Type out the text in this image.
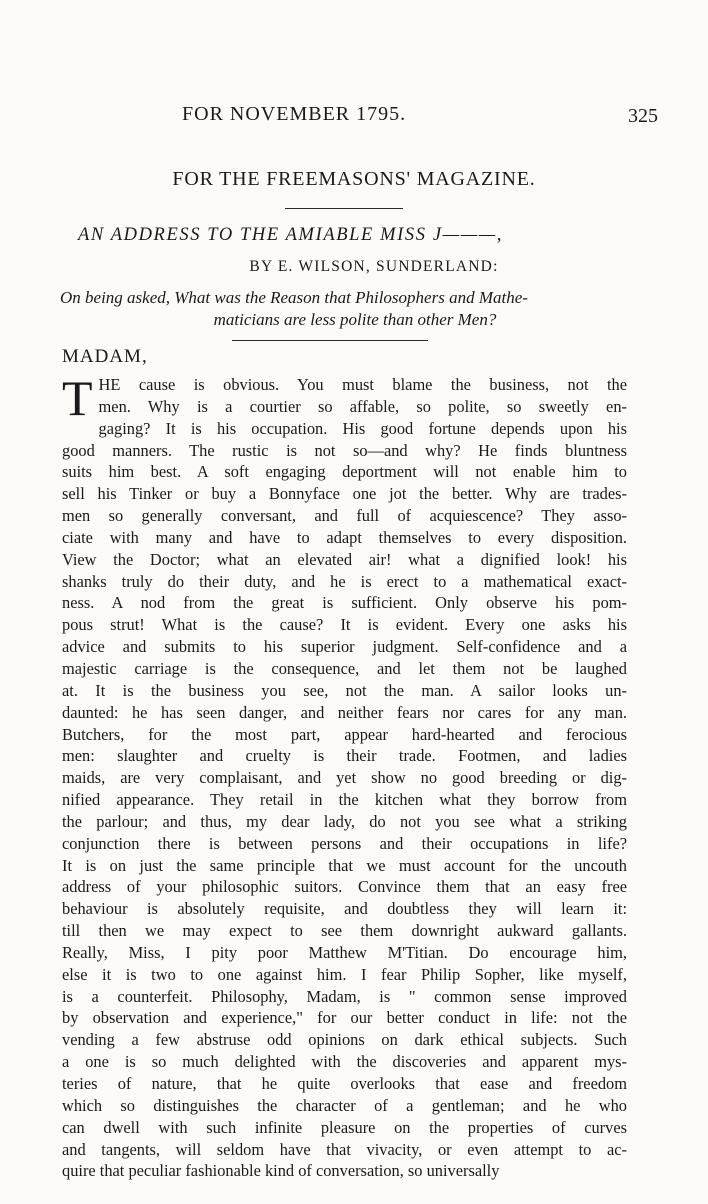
FOR NOVEMBER 1795.	325
FOR THE FREEMASONS' MAGAZINE.
AN ADDRESS TO THE AMIABLE MISS J———,
BY E. WILSON, SUNDERLAND:
On being asked, What was the Reason that Philosophers and Mathe-
maticians are less polite than other Men?
MADAM,
T HE cause is obvious. You must blame the business, not the
men. Why is a courtier so affable, so polite, so sweetly en-
gaging? It is his occupation. His good fortune depends upon his
good manners. The rustic is not so—and why? He finds bluntness
suits him best. A soft engaging deportment will not enable him to
sell his Tinker or buy a Bonnyface one jot the better. Why are trades-
men so generally conversant, and full of acquiescence? They asso-
ciate with many and have to adapt themselves to every disposition.
View the Doctor; what an elevated air! what a dignified look! his
shanks truly do their duty, and he is erect to a mathematical exact-
ness. A nod from the great is sufficient. Only observe his pom-
pous strut! What is the cause? It is evident. Every one asks his
advice and submits to his superior judgment. Self-confidence and a
majestic carriage is the consequence, and let them not be laughed
at. It is the business you see, not the man. A sailor looks un-
daunted: he has seen danger, and neither fears nor cares for any man.
Butchers, for the most part, appear hard-hearted and ferocious
men: slaughter and cruelty is their trade. Footmen, and ladies
maids, are very complaisant, and yet show no good breeding or dig-
nified appearance. They retail in the kitchen what they borrow from
the parlour; and thus, my dear lady, do not you see what a striking
conjunction there is between persons and their occupations in life?
It is on just the same principle that we must account for the uncouth
address of your philosophic suitors. Convince them that an easy free
behaviour is absolutely requisite, and doubtless they will learn it:
till then we may expect to see them downright aukward gallants.
Really, Miss, I pity poor Matthew M'Titian. Do encourage him,
else it is two to one against him. I fear Philip Sopher, like myself,
is a counterfeit. Philosophy, Madam, is " common sense improved
by observation and experience," for our better conduct in life: not the
vending a few abstruse odd opinions on dark ethical subjects. Such
a one is so much delighted with the discoveries and apparent mys-
teries of nature, that he quite overlooks that ease and freedom
which so distinguishes the character of a gentleman; and he who
can dwell with such infinite pleasure on the properties of curves
and tangents, will seldom have that vivacity, or even attempt to ac-
quire that peculiar fashionable kind of conversation, so universally
